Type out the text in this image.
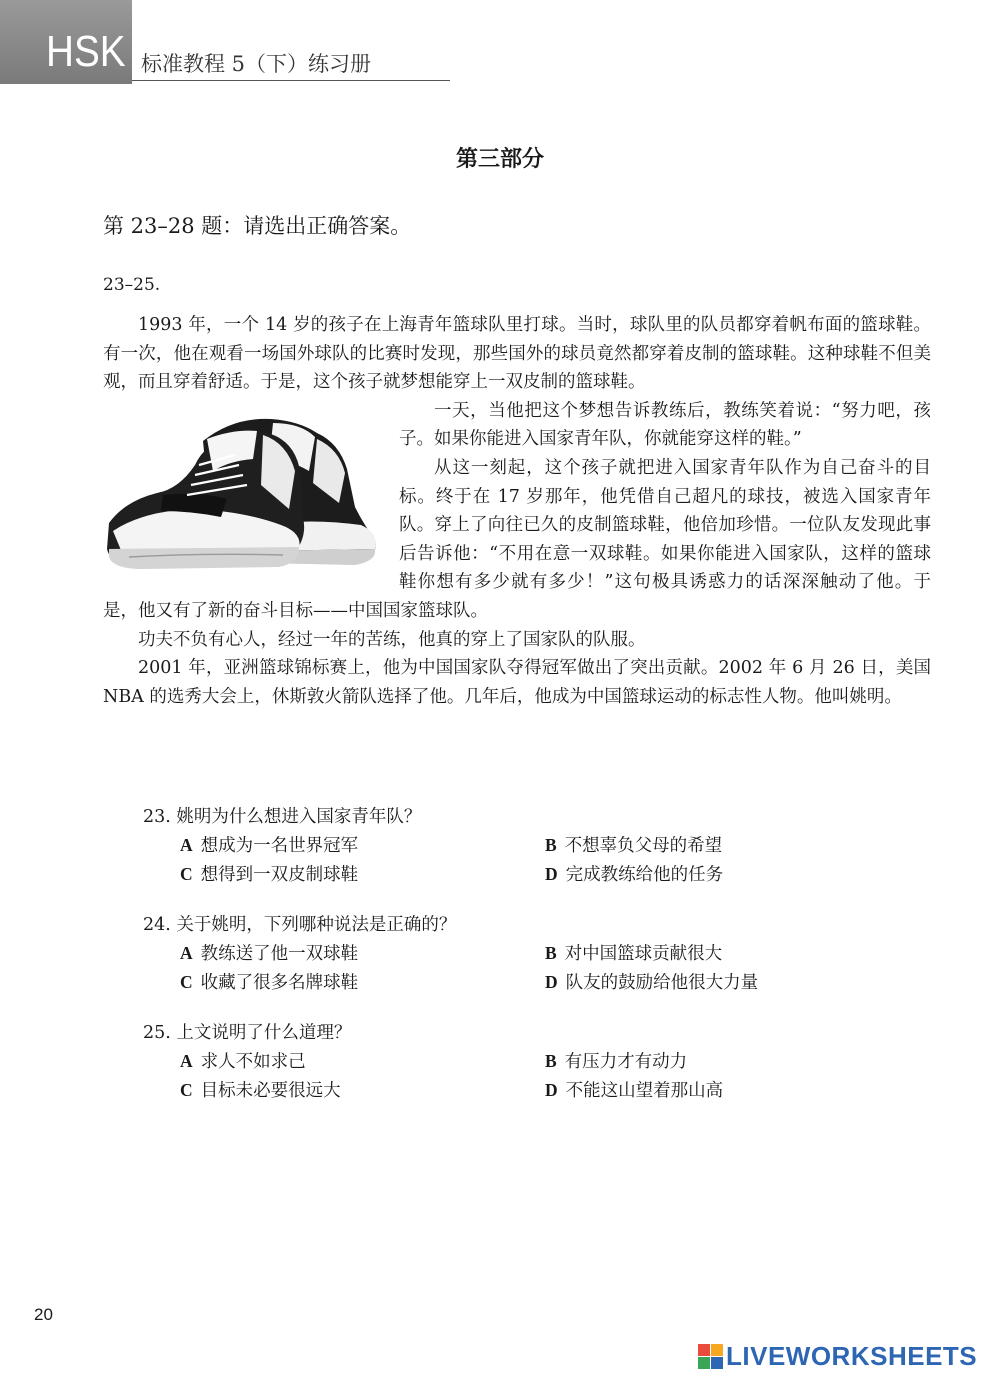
HSK 标准教程 5（下）练习册
第三部分
第 23–28 题：请选出正确答案。
23–25.

1993 年，一个 14 岁的孩子在上海青年篮球队里打球。当时，球队里的队员都穿着帆布面的篮球鞋。有一次，他在观看一场国外球队的比赛时发现，那些国外的球员竟然都穿着皮制的篮球鞋。这种球鞋不但美观，而且穿着舒适。于是，这个孩子就梦想能穿上一双皮制的篮球鞋。

一天，当他把这个梦想告诉教练后，教练笑着说：“努力吧，孩子。如果你能进入国家青年队，你就能穿这样的鞋。”

从这一刻起，这个孩子就把进入国家青年队作为自己奋斗的目标。终于在 17 岁那年，他凭借自己超凡的球技，被选入国家青年队。穿上了向往已久的皮制篮球鞋，他倍加珍惜。一位队友发现此事后告诉他：“不用在意一双球鞋。如果你能进入国家队，这样的篮球鞋你想有多少就有多少！”这句极具诱惑力的话深深触动了他。于是，他又有了新的奋斗目标——中国国家篮球队。

功夫不负有心人，经过一年的苦练，他真的穿上了国家队的队服。

2001 年，亚洲篮球锦标赛上，他为中国国家队夺得冠军做出了突出贡献。2002 年 6 月 26 日，美国 NBA 的选秀大会上，休斯敦火箭队选择了他。几年后，他成为中国篮球运动的标志性人物。他叫姚明。

23. 姚明为什么想进入国家青年队？
A 想成为一名世界冠军	B 不想辜负父母的希望
C 想得到一双皮制球鞋	D 完成教练给他的任务
24. 关于姚明，下列哪种说法是正确的？
A 教练送了他一双球鞋	B 对中国篮球贡献很大
C 收藏了很多名牌球鞋	D 队友的鼓励给他很大力量
25. 上文说明了什么道理？
A 求人不如求己	B 有压力才有动力
C 目标未必要很远大	D 不能这山望着那山高
20
LIVEWORKSHEETS
